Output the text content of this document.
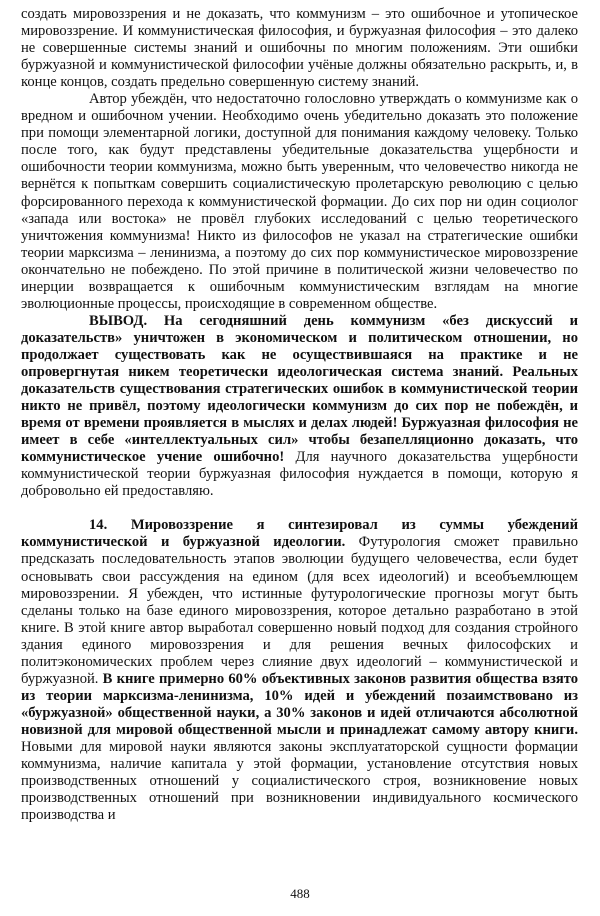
создать мировоззрения и не доказать, что коммунизм – это ошибочное и утопическое мировоззрение. И коммунистическая философия, и буржуазная философия – это далеко не совершенные системы знаний и ошибочны по многим положениям. Эти ошибки буржуазной и коммунистической философии учёные должны обязательно раскрыть, и, в конце концов, создать предельно совершенную систему знаний.

Автор убеждён, что недостаточно голословно утверждать о коммунизме как о вредном и ошибочном учении. Необходимо очень убедительно доказать это положение при помощи элементарной логики, доступной для понимания каждому человеку. Только после того, как будут представлены убедительные доказательства ущербности и ошибочности теории коммунизма, можно быть уверенным, что человечество никогда не вернётся к попыткам совершить социалистическую пролетарскую революцию с целью форсированного перехода к коммунистической формации. До сих пор ни один социолог «запада или востока» не провёл глубоких исследований с целью теоретического уничтожения коммунизма! Никто из философов не указал на стратегические ошибки теории марксизма – ленинизма, а поэтому до сих пор коммунистическое мировоззрение окончательно не побеждено. По этой причине в политической жизни человечество по инерции возвращается к ошибочным коммунистическим взглядам на многие эволюционные процессы, происходящие в современном обществе.

ВЫВОД. На сегодняшний день коммунизм «без дискуссий и доказательств» уничтожен в экономическом и политическом отношении, но продолжает существовать как не осуществившаяся на практике и не опровергнутая никем теоретически идеологическая система знаний. Реальных доказательств существования стратегических ошибок в коммунистической теории никто не привёл, поэтому идеологически коммунизм до сих пор не побеждён, и время от времени проявляется в мыслях и делах людей! Буржуазная философия не имеет в себе «интеллектуальных сил» чтобы безапелляционно доказать, что коммунистическое учение ошибочно! Для научного доказательства ущербности коммунистической теории буржуазная философия нуждается в помощи, которую я добровольно ей предоставляю.

14. Мировоззрение я синтезировал из суммы убеждений коммунистической и буржуазной идеологии. Футурология сможет правильно предсказать последовательность этапов эволюции будущего человечества, если будет основывать свои рассуждения на едином (для всех идеологий) и всеобъемлющем мировоззрении. Я убежден, что истинные футурологические прогнозы могут быть сделаны только на базе единого мировоззрения, которое детально разработано в этой книге. В этой книге автор выработал совершенно новый подход для создания стройного здания единого мировоззрения и для решения вечных философских и политэкономических проблем через слияние двух идеологий – коммунистической и буржуазной. В книге примерно 60% объективных законов развития общества взято из теории марксизма-ленинизма, 10% идей и убеждений позаимствовано из «буржуазной» общественной науки, а 30% законов и идей отличаются абсолютной новизной для мировой общественной мысли и принадлежат самому автору книги. Новыми для мировой науки являются законы эксплуататорской сущности формации коммунизма, наличие капитала у этой формации, установление отсутствия новых производственных отношений у социалистического строя, возникновение новых производственных отношений при возникновении индивидуального космического производства и

488
